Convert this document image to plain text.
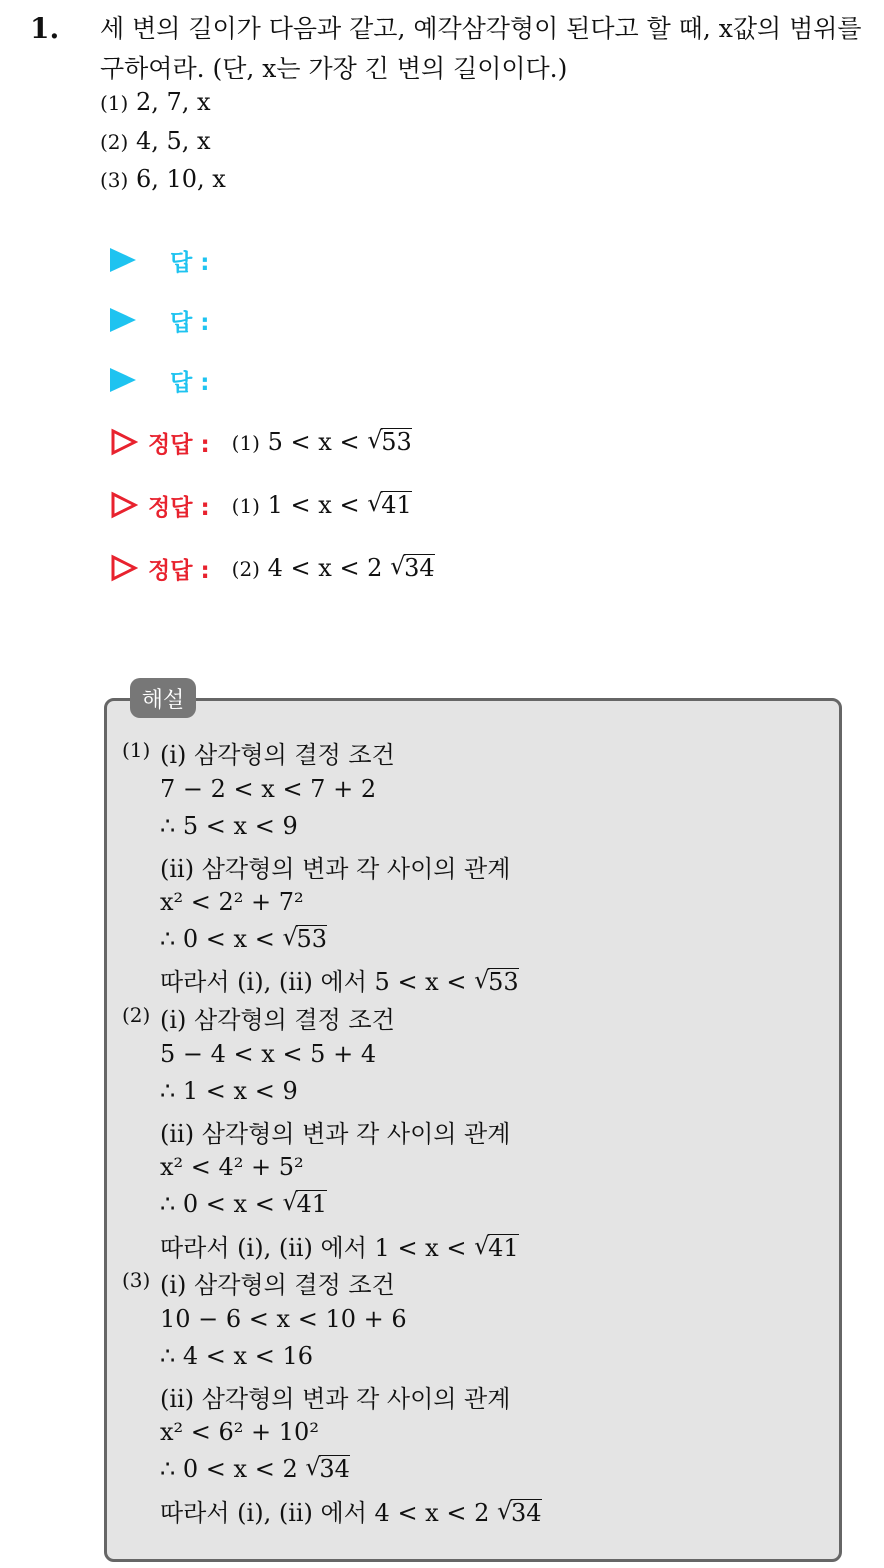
1. 세 변의 길이가 다음과 같고, 예각삼각형이 된다고 할 때, x값의 범위를
구하여라. (단, x는 가장 긴 변의 길이이다.)
(1) 2, 7, x
(2) 4, 5, x
(3) 6, 10, x
답 :
답 :
답 :
정답 : (1) 5 < x < √ 53
정답 : (1) 1 < x < √ 41
정답 : (2) 4 < x < 2 √ 34
해설
(1) (i) 삼각형의 결정 조건
7 − 2 < x < 7 + 2
∴ 5 < x < 9
(ii) 삼각형의 변과 각 사이의 관계
x² < 2² + 7²
∴ 0 < x < √ 53
따라서 (i), (ii) 에서 5 < x < √ 53
(2) (i) 삼각형의 결정 조건
5 − 4 < x < 5 + 4
∴ 1 < x < 9
(ii) 삼각형의 변과 각 사이의 관계
x² < 4² + 5²
∴ 0 < x < √ 41
따라서 (i), (ii) 에서 1 < x < √ 41
(3) (i) 삼각형의 결정 조건
10 − 6 < x < 10 + 6
∴ 4 < x < 16
(ii) 삼각형의 변과 각 사이의 관계
x² < 6² + 10²
∴ 0 < x < 2 √ 34
따라서 (i), (ii) 에서 4 < x < 2 √ 34
